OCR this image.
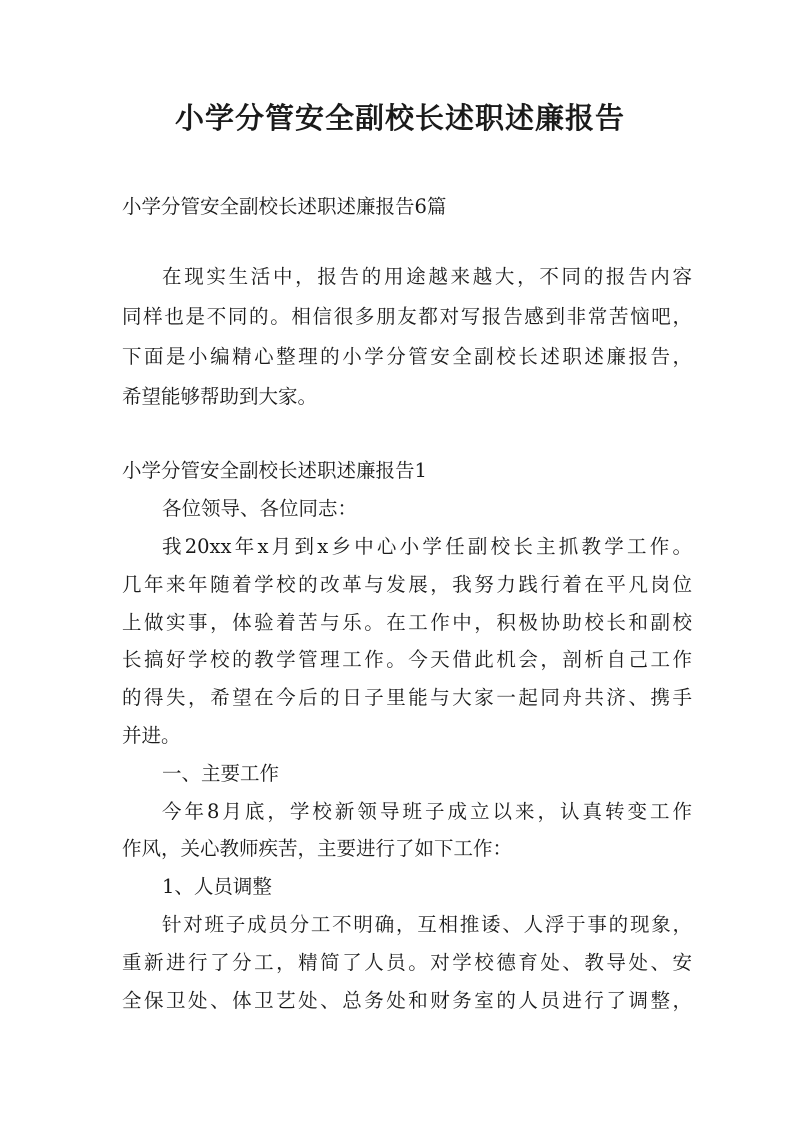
小学分管安全副校长述职述廉报告

小学分管安全副校长述职述廉报告6篇

在现实生活中，报告的用途越来越大，不同的报告内容

同样也是不同的。相信很多朋友都对写报告感到非常苦恼吧，

下面是小编精心整理的小学分管安全副校长述职述廉报告，

希望能够帮助到大家。

小学分管安全副校长述职述廉报告1

各位领导、各位同志：

我20xx年x月到x乡中心小学任副校长主抓教学工作。

几年来年随着学校的改革与发展，我努力践行着在平凡岗位

上做实事，体验着苦与乐。在工作中，积极协助校长和副校

长搞好学校的教学管理工作。今天借此机会，剖析自己工作

的得失，希望在今后的日子里能与大家一起同舟共济、携手

并进。

一、主要工作

今年8月底，学校新领导班子成立以来，认真转变工作

作风，关心教师疾苦，主要进行了如下工作：

1、人员调整

针对班子成员分工不明确，互相推诿、人浮于事的现象，

重新进行了分工，精简了人员。对学校德育处、教导处、安

全保卫处、体卫艺处、总务处和财务室的人员进行了调整，
